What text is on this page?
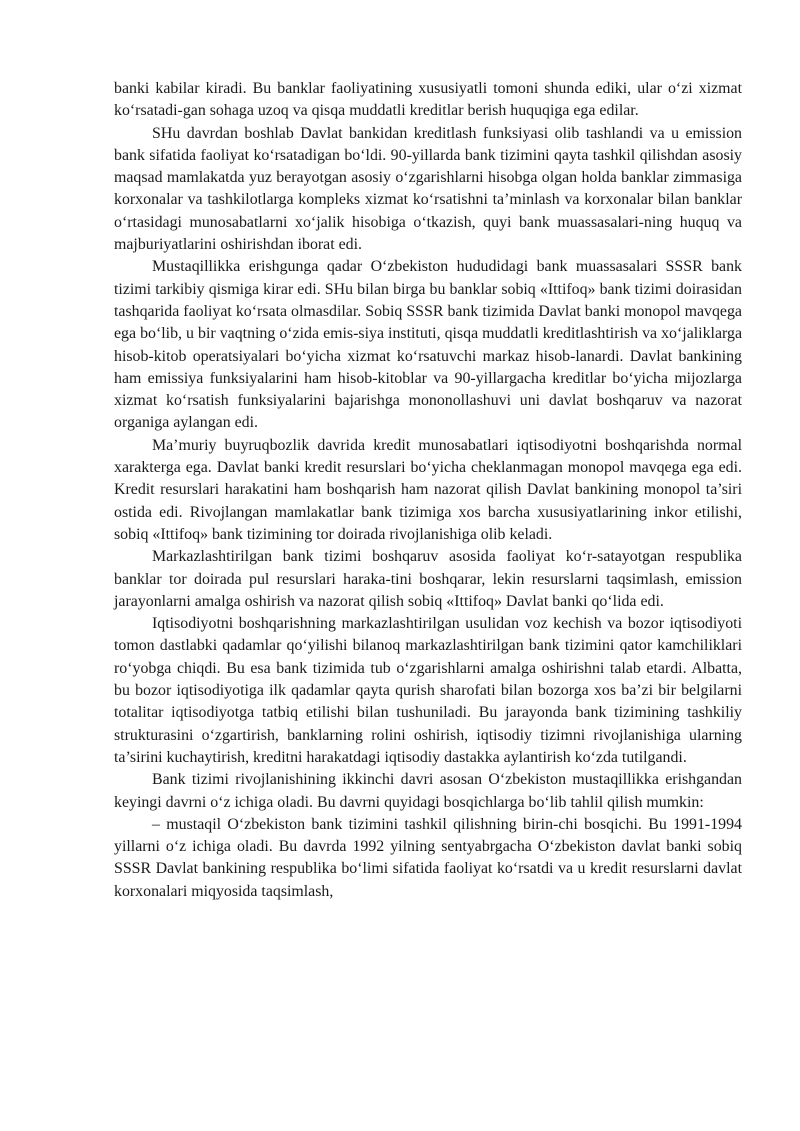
banki kabilar kiradi. Bu banklar faoliyatining xususiyatli tomoni shunda ediki, ular o‘zi xizmat ko‘rsatadi-gan sohaga uzoq va qisqa muddatli kreditlar berish huquqiga ega edilar.

SHu davrdan boshlab Davlat bankidan kreditlash funksiyasi olib tashlandi va u emission bank sifatida faoliyat ko‘rsatadigan bo‘ldi. 90-yillarda bank tizimini qayta tashkil qilishdan asosiy maqsad mamlakatda yuz berayotgan asosiy o‘zgarishlarni hisobga olgan holda banklar zimmasiga korxonalar va tashkilotlarga kompleks xizmat ko‘rsatishni ta’minlash va korxonalar bilan banklar o‘rtasidagi munosabatlarni xo‘jalik hisobiga o‘tkazish, quyi bank muassasalari-ning huquq va majburiyatlarini oshirishdan iborat edi.

Mustaqillikka erishgunga qadar O‘zbekiston hududidagi bank muassasalari SSSR bank tizimi tarkibiy qismiga kirar edi. SHu bilan birga bu banklar sobiq «Ittifoq» bank tizimi doirasidan tashqarida faoliyat ko‘rsata olmasdilar. Sobiq SSSR bank tizimida Davlat banki monopol mavqega ega bo‘lib, u bir vaqtning o‘zida emis-siya instituti, qisqa muddatli kreditlashtirish va xo‘jaliklarga hisob-kitob operatsiyalari bo‘yicha xizmat ko‘rsatuvchi markaz hisob-lanardi. Davlat bankining ham emissiya funksiyalarini ham hisob-kitoblar va 90-yillargacha kreditlar bo‘yicha mijozlarga xizmat ko‘rsatish funksiyalarini bajarishga mononollashuvi uni davlat boshqaruv va nazorat organiga aylangan edi.

Ma’muriy buyruqbozlik davrida kredit munosabatlari iqtisodiyotni boshqarishda normal xarakterga ega. Davlat banki kredit resurslari bo‘yicha cheklanmagan monopol mavqega ega edi. Kredit resurslari harakatini ham boshqarish ham nazorat qilish Davlat bankining monopol ta’siri ostida edi. Rivojlangan mamlakatlar bank tizimiga xos barcha xususiyatlarining inkor etilishi, sobiq «Ittifoq» bank tizimining tor doirada rivojlanishiga olib keladi.

Markazlashtirilgan bank tizimi boshqaruv asosida faoliyat ko‘r-satayotgan respublika banklar tor doirada pul resurslari haraka-tini boshqarar, lekin resurslarni taqsimlash, emission jarayonlarni amalga oshirish va nazorat qilish sobiq «Ittifoq» Davlat banki qo‘lida edi.

Iqtisodiyotni boshqarishning markazlashtirilgan usulidan voz kechish va bozor iqtisodiyoti tomon dastlabki qadamlar qo‘yilishi bilanoq markazlashtirilgan bank tizimini qator kamchiliklari ro‘yobga chiqdi. Bu esa bank tizimida tub o‘zgarishlarni amalga oshirishni talab etardi. Albatta, bu bozor iqtisodiyotiga ilk qadamlar qayta qurish sharofati bilan bozorga xos ba’zi bir belgilarni totalitar iqtisodiyotga tatbiq etilishi bilan tushuniladi. Bu jarayonda bank tizimining tashkiliy strukturasini o‘zgartirish, banklarning rolini oshirish, iqtisodiy tizimni rivojlanishiga ularning ta’sirini kuchaytirish, kreditni harakatdagi iqtisodiy dastakka aylantirish ko‘zda tutilgandi.

Bank tizimi rivojlanishining ikkinchi davri asosan O‘zbekiston mustaqillikka erishgandan keyingi davrni o‘z ichiga oladi. Bu davrni quyidagi bosqichlarga bo‘lib tahlil qilish mumkin:

– mustaqil O‘zbekiston bank tizimini tashkil qilishning birin-chi bosqichi. Bu 1991-1994 yillarni o‘z ichiga oladi. Bu davrda 1992 yilning sentyabrgacha O‘zbekiston davlat banki sobiq SSSR Davlat bankining respublika bo‘limi sifatida faoliyat ko‘rsatdi va u kredit resurslarni davlat korxonalari miqyosida taqsimlash,
